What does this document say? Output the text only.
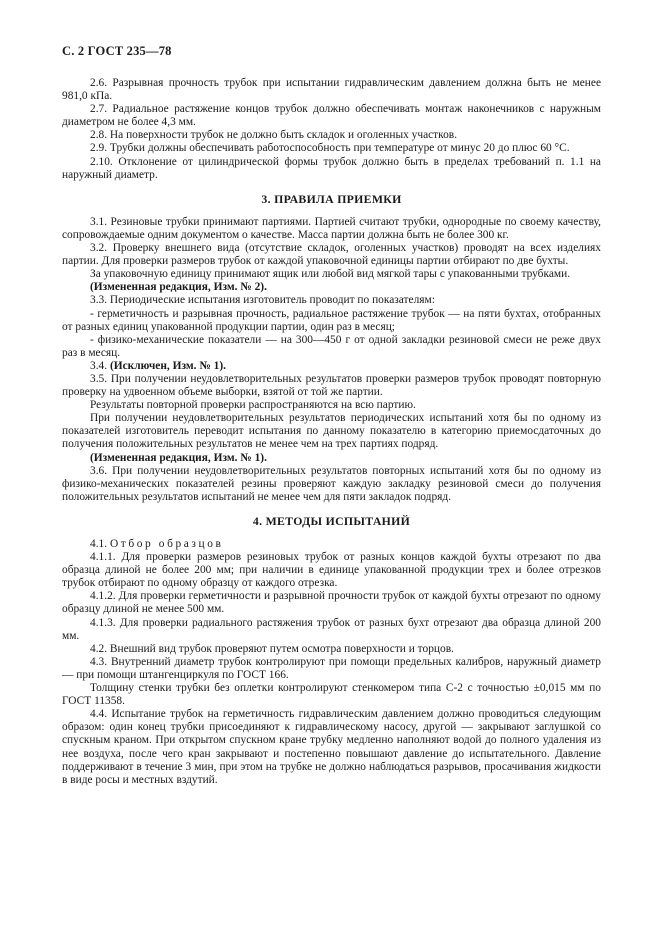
С. 2 ГОСТ 235—78

2.6. Разрывная прочность трубок при испытании гидравлическим давлением должна быть не менее 981,0 кПа.

2.7. Радиальное растяжение концов трубок должно обеспечивать монтаж наконечников с наружным диаметром не более 4,3 мм.

2.8. На поверхности трубок не должно быть складок и оголенных участков.

2.9. Трубки должны обеспечивать работоспособность при температуре от минус 20 до плюс 60 °С.

2.10. Отклонение от цилиндрической формы трубок должно быть в пределах требований п. 1.1 на наружный диаметр.

3. ПРАВИЛА ПРИЕМКИ

3.1. Резиновые трубки принимают партиями. Партией считают трубки, однородные по своему качеству, сопровождаемые одним документом о качестве. Масса партии должна быть не более 300 кг.

3.2. Проверку внешнего вида (отсутствие складок, оголенных участков) проводят на всех изделиях партии. Для проверки размеров трубок от каждой упаковочной единицы партии отбирают по две бухты.

За упаковочную единицу принимают ящик или любой вид мягкой тары с упакованными трубками.

(Измененная редакция, Изм. № 2).

3.3. Периодические испытания изготовитель проводит по показателям:

- герметичность и разрывная прочность, радиальное растяжение трубок — на пяти бухтах, отобранных от разных единиц упакованной продукции партии, один раз в месяц;

- физико-механические показатели — на 300—450 г от одной закладки резиновой смеси не реже двух раз в месяц.

3.4. (Исключен, Изм. № 1).

3.5. При получении неудовлетворительных результатов проверки размеров трубок проводят повторную проверку на удвоенном объеме выборки, взятой от той же партии.

Результаты повторной проверки распространяются на всю партию.

При получении неудовлетворительных результатов периодических испытаний хотя бы по одному из показателей изготовитель переводит испытания по данному показателю в категорию приемосдаточных до получения положительных результатов не менее чем на трех партиях подряд.

(Измененная редакция, Изм. № 1).

3.6. При получении неудовлетворительных результатов повторных испытаний хотя бы по одному из физико-механических показателей резины проверяют каждую закладку резиновой смеси до получения положительных результатов испытаний не менее чем для пяти закладок подряд.

4. МЕТОДЫ ИСПЫТАНИЙ

4.1. Отбор образцов

4.1.1. Для проверки размеров резиновых трубок от разных концов каждой бухты отрезают по два образца длиной не более 200 мм; при наличии в единице упакованной продукции трех и более отрезков трубок отбирают по одному образцу от каждого отрезка.

4.1.2. Для проверки герметичности и разрывной прочности трубок от каждой бухты отрезают по одному образцу длиной не менее 500 мм.

4.1.3. Для проверки радиального растяжения трубок от разных бухт отрезают два образца длиной 200 мм.

4.2. Внешний вид трубок проверяют путем осмотра поверхности и торцов.

4.3. Внутренний диаметр трубок контролируют при помощи предельных калибров, наружный диаметр — при помощи штангенциркуля по ГОСТ 166.

Толщину стенки трубки без оплетки контролируют стенкомером типа С-2 с точностью ±0,015 мм по ГОСТ 11358.

4.4. Испытание трубок на герметичность гидравлическим давлением должно проводиться следующим образом: один конец трубки присоединяют к гидравлическому насосу, другой — закрывают заглушкой со спускным краном. При открытом спускном кране трубку медленно наполняют водой до полного удаления из нее воздуха, после чего кран закрывают и постепенно повышают давление до испытательного. Давление поддерживают в течение 3 мин, при этом на трубке не должно наблюдаться разрывов, просачивания жидкости в виде росы и местных вздутий.
